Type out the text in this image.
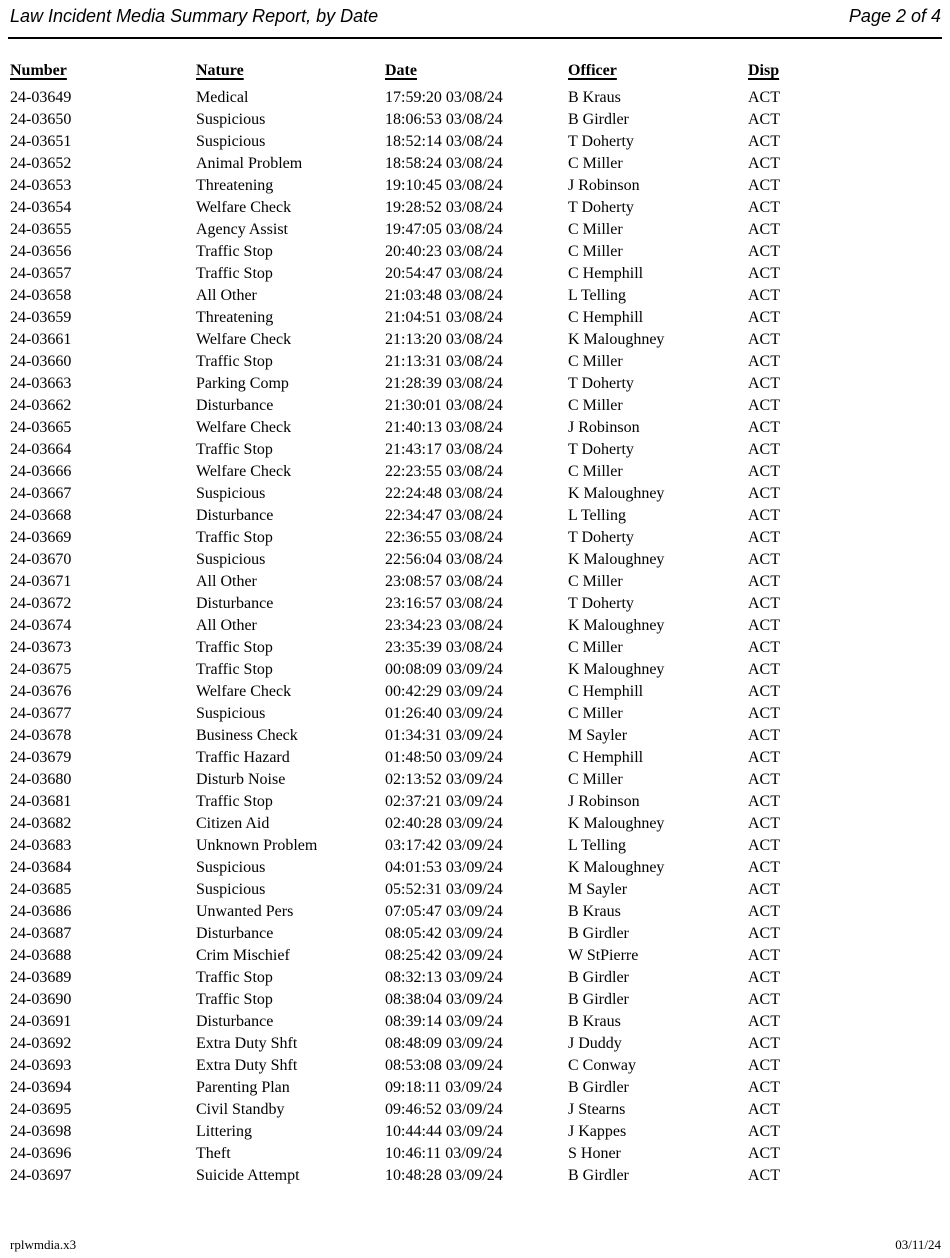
Law Incident Media Summary Report, by Date	Page 2 of 4
Number	Nature	Date	Officer	Disp
24-03649	Medical	17:59:20 03/08/24	B Kraus	ACT
24-03650	Suspicious	18:06:53 03/08/24	B Girdler	ACT
24-03651	Suspicious	18:52:14 03/08/24	T Doherty	ACT
24-03652	Animal Problem	18:58:24 03/08/24	C Miller	ACT
24-03653	Threatening	19:10:45 03/08/24	J Robinson	ACT
24-03654	Welfare Check	19:28:52 03/08/24	T Doherty	ACT
24-03655	Agency Assist	19:47:05 03/08/24	C Miller	ACT
24-03656	Traffic Stop	20:40:23 03/08/24	C Miller	ACT
24-03657	Traffic Stop	20:54:47 03/08/24	C Hemphill	ACT
24-03658	All Other	21:03:48 03/08/24	L Telling	ACT
24-03659	Threatening	21:04:51 03/08/24	C Hemphill	ACT
24-03661	Welfare Check	21:13:20 03/08/24	K Maloughney	ACT
24-03660	Traffic Stop	21:13:31 03/08/24	C Miller	ACT
24-03663	Parking Comp	21:28:39 03/08/24	T Doherty	ACT
24-03662	Disturbance	21:30:01 03/08/24	C Miller	ACT
24-03665	Welfare Check	21:40:13 03/08/24	J Robinson	ACT
24-03664	Traffic Stop	21:43:17 03/08/24	T Doherty	ACT
24-03666	Welfare Check	22:23:55 03/08/24	C Miller	ACT
24-03667	Suspicious	22:24:48 03/08/24	K Maloughney	ACT
24-03668	Disturbance	22:34:47 03/08/24	L Telling	ACT
24-03669	Traffic Stop	22:36:55 03/08/24	T Doherty	ACT
24-03670	Suspicious	22:56:04 03/08/24	K Maloughney	ACT
24-03671	All Other	23:08:57 03/08/24	C Miller	ACT
24-03672	Disturbance	23:16:57 03/08/24	T Doherty	ACT
24-03674	All Other	23:34:23 03/08/24	K Maloughney	ACT
24-03673	Traffic Stop	23:35:39 03/08/24	C Miller	ACT
24-03675	Traffic Stop	00:08:09 03/09/24	K Maloughney	ACT
24-03676	Welfare Check	00:42:29 03/09/24	C Hemphill	ACT
24-03677	Suspicious	01:26:40 03/09/24	C Miller	ACT
24-03678	Business Check	01:34:31 03/09/24	M Sayler	ACT
24-03679	Traffic Hazard	01:48:50 03/09/24	C Hemphill	ACT
24-03680	Disturb Noise	02:13:52 03/09/24	C Miller	ACT
24-03681	Traffic Stop	02:37:21 03/09/24	J Robinson	ACT
24-03682	Citizen Aid	02:40:28 03/09/24	K Maloughney	ACT
24-03683	Unknown Problem	03:17:42 03/09/24	L Telling	ACT
24-03684	Suspicious	04:01:53 03/09/24	K Maloughney	ACT
24-03685	Suspicious	05:52:31 03/09/24	M Sayler	ACT
24-03686	Unwanted Pers	07:05:47 03/09/24	B Kraus	ACT
24-03687	Disturbance	08:05:42 03/09/24	B Girdler	ACT
24-03688	Crim Mischief	08:25:42 03/09/24	W StPierre	ACT
24-03689	Traffic Stop	08:32:13 03/09/24	B Girdler	ACT
24-03690	Traffic Stop	08:38:04 03/09/24	B Girdler	ACT
24-03691	Disturbance	08:39:14 03/09/24	B Kraus	ACT
24-03692	Extra Duty Shft	08:48:09 03/09/24	J Duddy	ACT
24-03693	Extra Duty Shft	08:53:08 03/09/24	C Conway	ACT
24-03694	Parenting Plan	09:18:11 03/09/24	B Girdler	ACT
24-03695	Civil Standby	09:46:52 03/09/24	J Stearns	ACT
24-03698	Littering	10:44:44 03/09/24	J Kappes	ACT
24-03696	Theft	10:46:11 03/09/24	S Honer	ACT
24-03697	Suicide Attempt	10:48:28 03/09/24	B Girdler	ACT
rplwmdia.x3	03/11/24
